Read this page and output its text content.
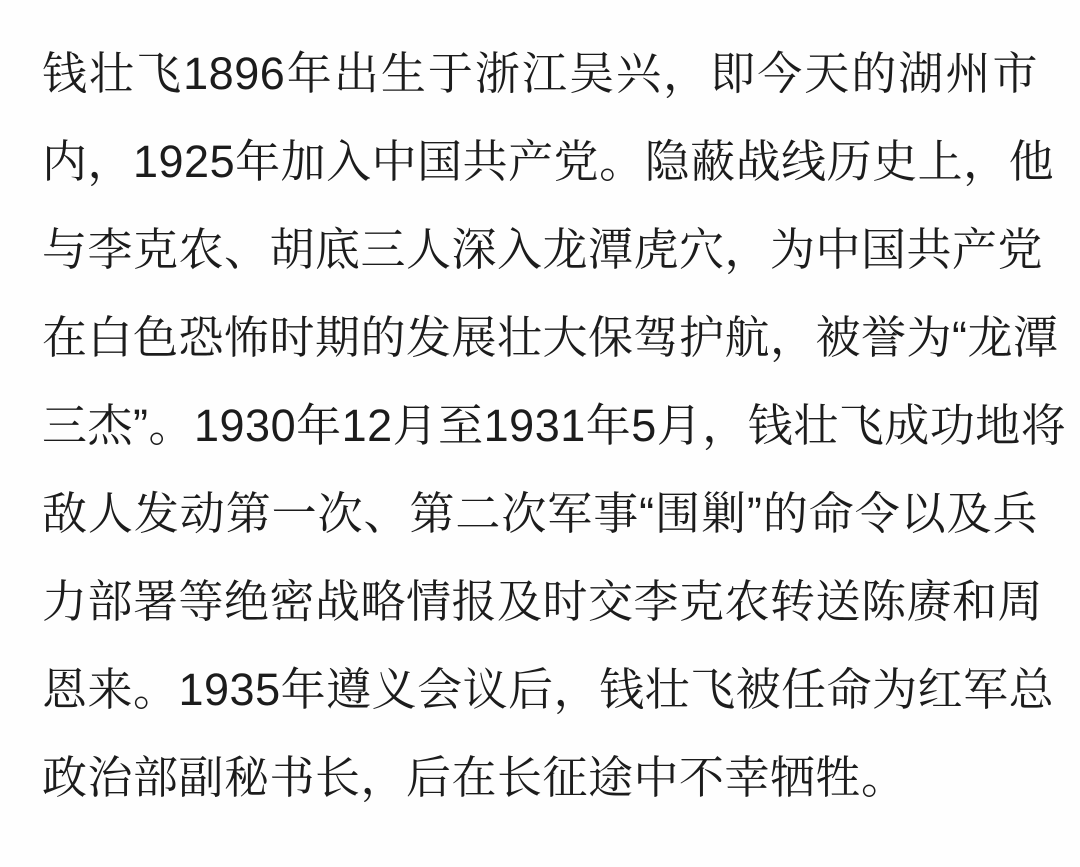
钱壮飞1896年出生于浙江吴兴，即今天的湖州市

内，1925年加入中国共产党。隐蔽战线历史上，他

与李克农、胡底三人深入龙潭虎穴，为中国共产党

在白色恐怖时期的发展壮大保驾护航，被誉为“龙潭

三杰”。1930年12月至1931年5月，钱壮飞成功地将

敌人发动第一次、第二次军事“围剿”的命令以及兵

力部署等绝密战略情报及时交李克农转送陈赓和周

恩来。1935年遵义会议后，钱壮飞被任命为红军总

政治部副秘书长，后在长征途中不幸牺牲。
